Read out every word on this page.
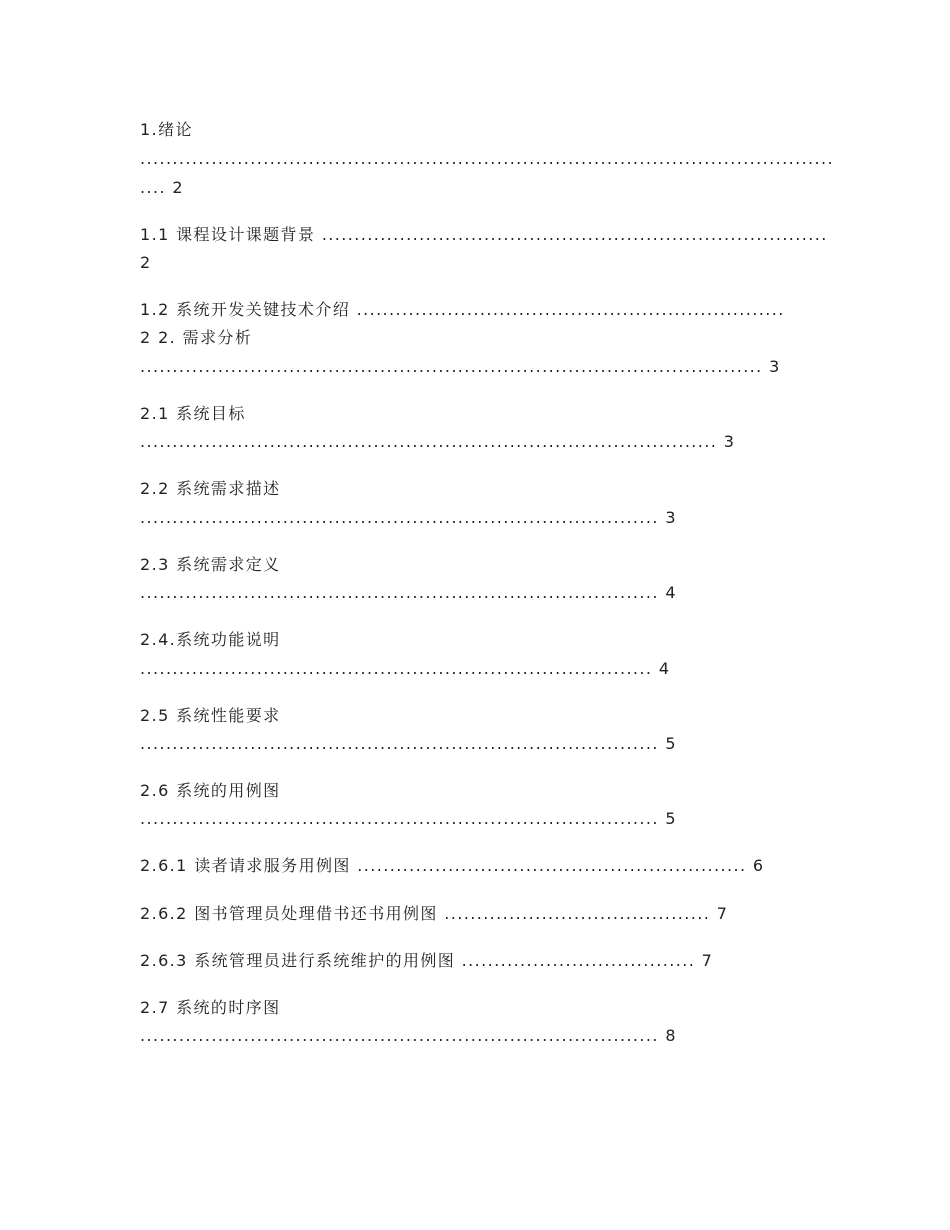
1.绪论
...........................................................................................................
.... 2
1.1 课程设计课题背景 ..............................................................................
2
1.2 系统开发关键技术介绍 ..................................................................
2 2. 需求分析
................................................................................................ 3
2.1 系统目标
......................................................................................... 3
2.2 系统需求描述
................................................................................ 3
2.3 系统需求定义
................................................................................ 4
2.4.系统功能说明
............................................................................... 4
2.5 系统性能要求
................................................................................ 5
2.6 系统的用例图
................................................................................ 5
2.6.1 读者请求服务用例图 ............................................................ 6
2.6.2 图书管理员处理借书还书用例图 ......................................... 7
2.6.3 系统管理员进行系统维护的用例图 .................................... 7
2.7 系统的时序图
................................................................................ 8
